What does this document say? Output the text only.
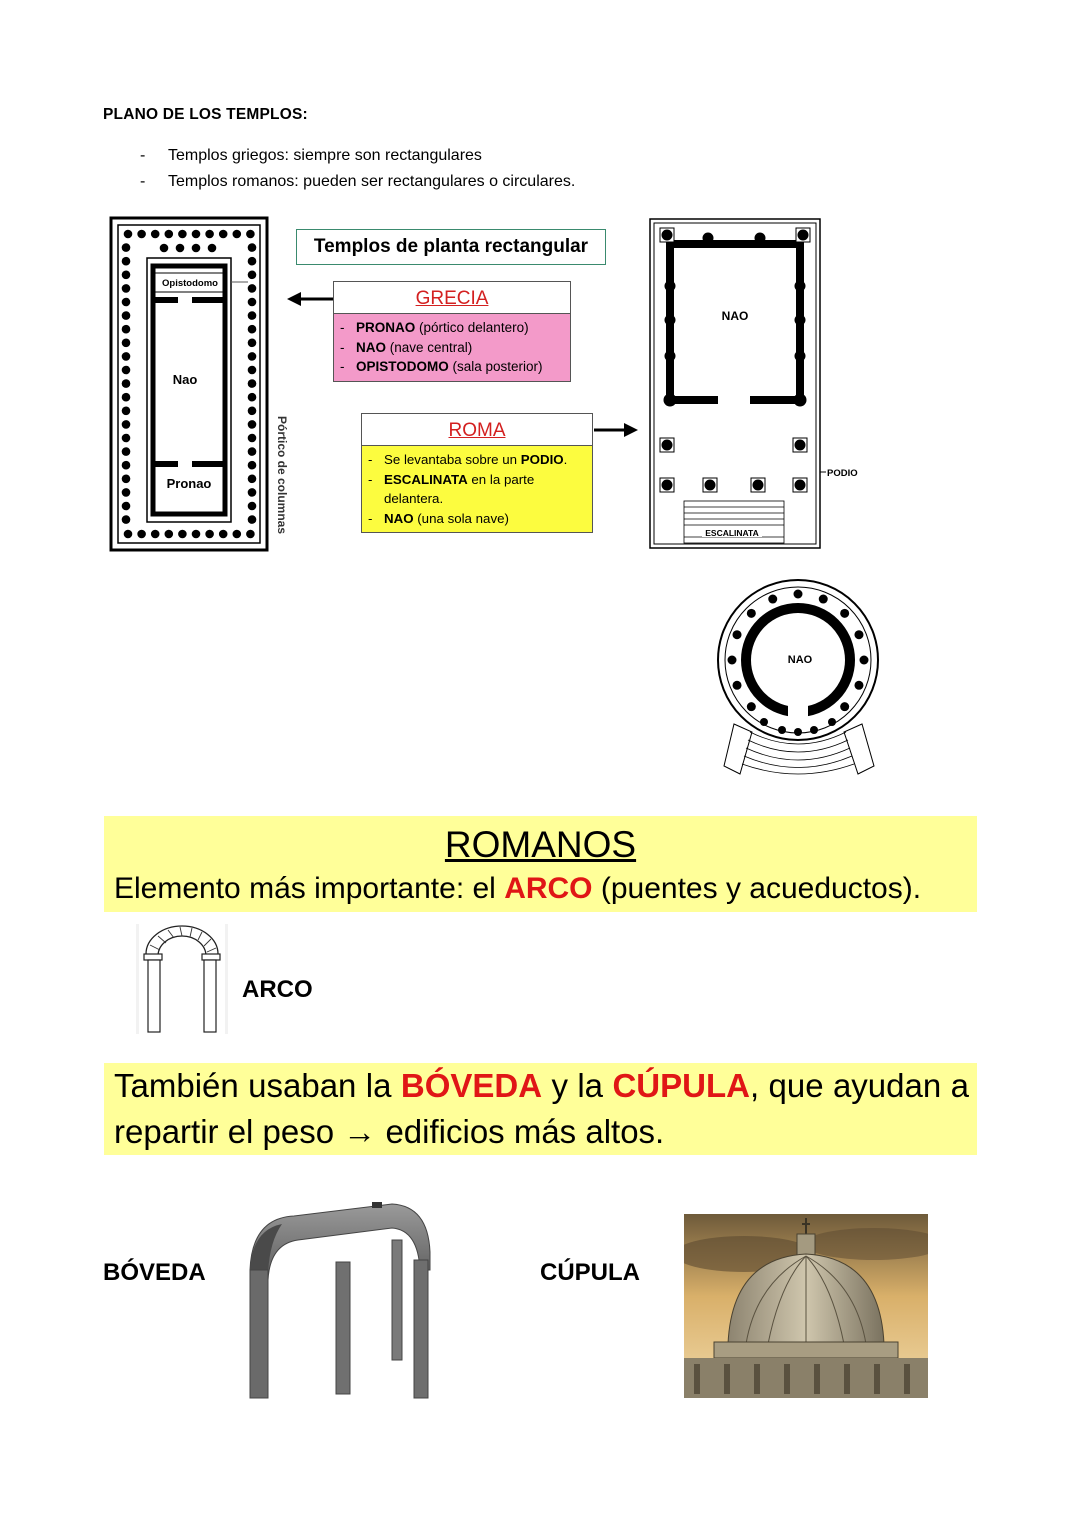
PLANO DE LOS TEMPLOS:
- Templos griegos: siempre son rectangulares
- Templos romanos: pueden ser rectangulares o circulares.
Opistodomo
Nao
Pronao	Pórtico de columnas
Templos de planta rectangular
GRECIA
- PRONAO (pórtico delantero)
- NAO (nave central)
- OPISTODOMO (sala posterior)
ROMA
- Se levantaba sobre un PODIO.
- ESCALINATA en la parte
delantera.
- NAO (una sola nave)
NAO
PODIO
ESCALINATA
NAO
ROMANOS
Elemento más importante: el ARCO (puentes y acueductos).
ARCO
También usaban la BÓVEDA y la CÚPULA, que ayudan a
repartir el peso → edificios más altos.
BÓVEDA	CÚPULA
